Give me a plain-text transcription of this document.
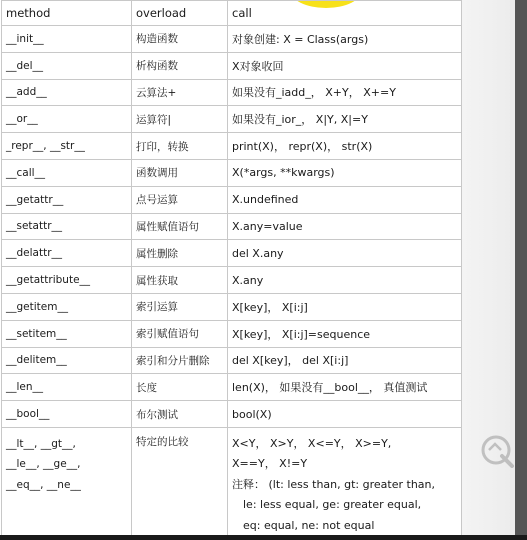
method	overload	call
__init__	构造函数	对象创建: X = Class(args)
__del__	析构函数	X对象收回
__add__	云算法+	如果没有_iadd_， X+Y， X+=Y
__or__	运算符|	如果没有_ior_， X|Y, X|=Y
_repr__, __str__	打印，转换	print(X)， repr(X)， str(X)
__call__	函数调用	X(*args, **kwargs)
__getattr__	点号运算	X.undefined
__setattr__	属性赋值语句	X.any=value
__delattr__	属性删除	del X.any
__getattribute__	属性获取	X.any
__getitem__	索引运算	X[key]， X[i:j]
__setitem__	索引赋值语句	X[key]， X[i:j]=sequence
__delitem__	索引和分片删除	del X[key]， del X[i:j]
__len__	长度	len(X)， 如果没有__bool__， 真值测试
__bool__	布尔测试	bool(X)

__lt__, __gt__,
__le__, __ge__,
__eq__, __ne__	特定的比较	X<Y， X>Y， X<=Y， X>=Y,
X==Y， X!=Y
注释： (lt: less than, gt: greater than,
le: less equal, ge: greater equal,
eq: equal, ne: not equal
